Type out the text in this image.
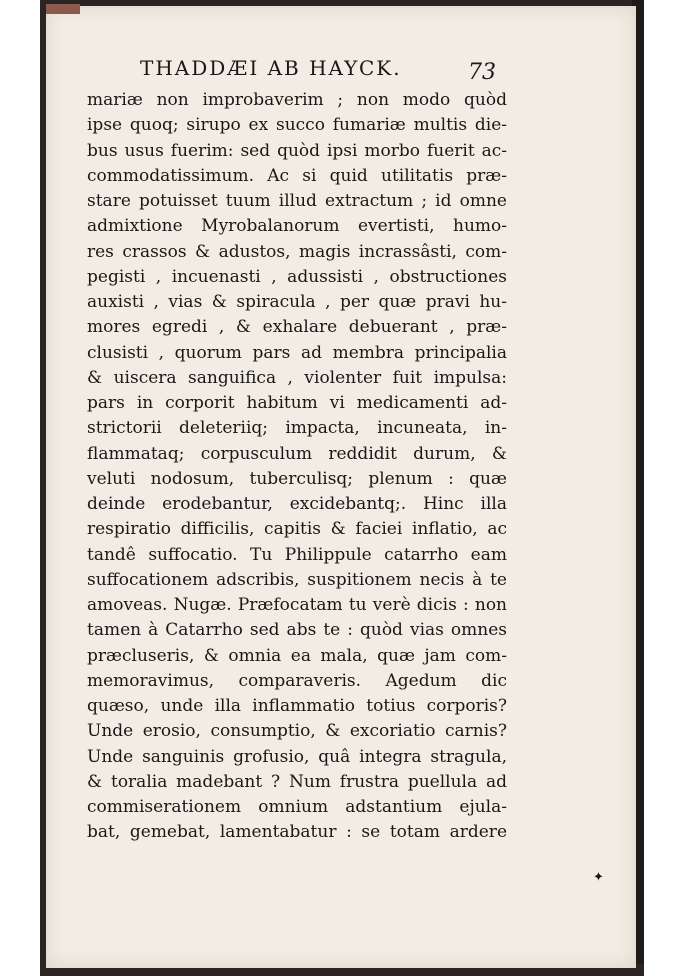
THADDÆI AB HAYCK.	73
mariæ non improbaverim ; non modo quòd
ipse quoq; sirupo ex succo fumariæ multis die-
bus usus fuerim: sed quòd ipsi morbo fuerit ac-
commodatissimum. Ac si quid utilitatis præ-
stare potuisset tuum illud extractum ; id omne
admixtione Myrobalanorum evertisti, humo-
res crassos & adustos, magis incrassâsti, com-
pegisti , incuenasti , adussisti , obstructiones
auxisti , vias & spiracula , per quæ pravi hu-
mores egredi , & exhalare debuerant , præ-
clusisti , quorum pars ad membra principalia
& uiscera sanguifica , violenter fuit impulsa:
pars in corporit habitum vi medicamenti ad-
strictorii deleteriiq; impacta, incuneata, in-
flammataq; corpusculum reddidit durum, &
veluti nodosum, tuberculisq; plenum : quæ
deinde erodebantur, excidebantq;. Hinc illa
respiratio difficilis, capitis & faciei inflatio, ac
tandê suffocatio. Tu Philippule catarrho eam
suffocationem adscribis, suspitionem necis à te
amoveas. Nugæ. Præfocatam tu verè dicis : non
tamen à Catarrho sed abs te : quòd vias omnes
præcluseris, & omnia ea mala, quæ jam com-
memoravimus, comparaveris. Agedum dic
quæso, unde illa inflammatio totius corporis?
Unde erosio, consumptio, & excoriatio carnis?
Unde sanguinis grofusio, quâ integra stragula,
& toralia madebant ? Num frustra puellula ad
commiserationem omnium adstantium ejula-
bat, gemebat, lamentabatur : se totam ardere
✦
